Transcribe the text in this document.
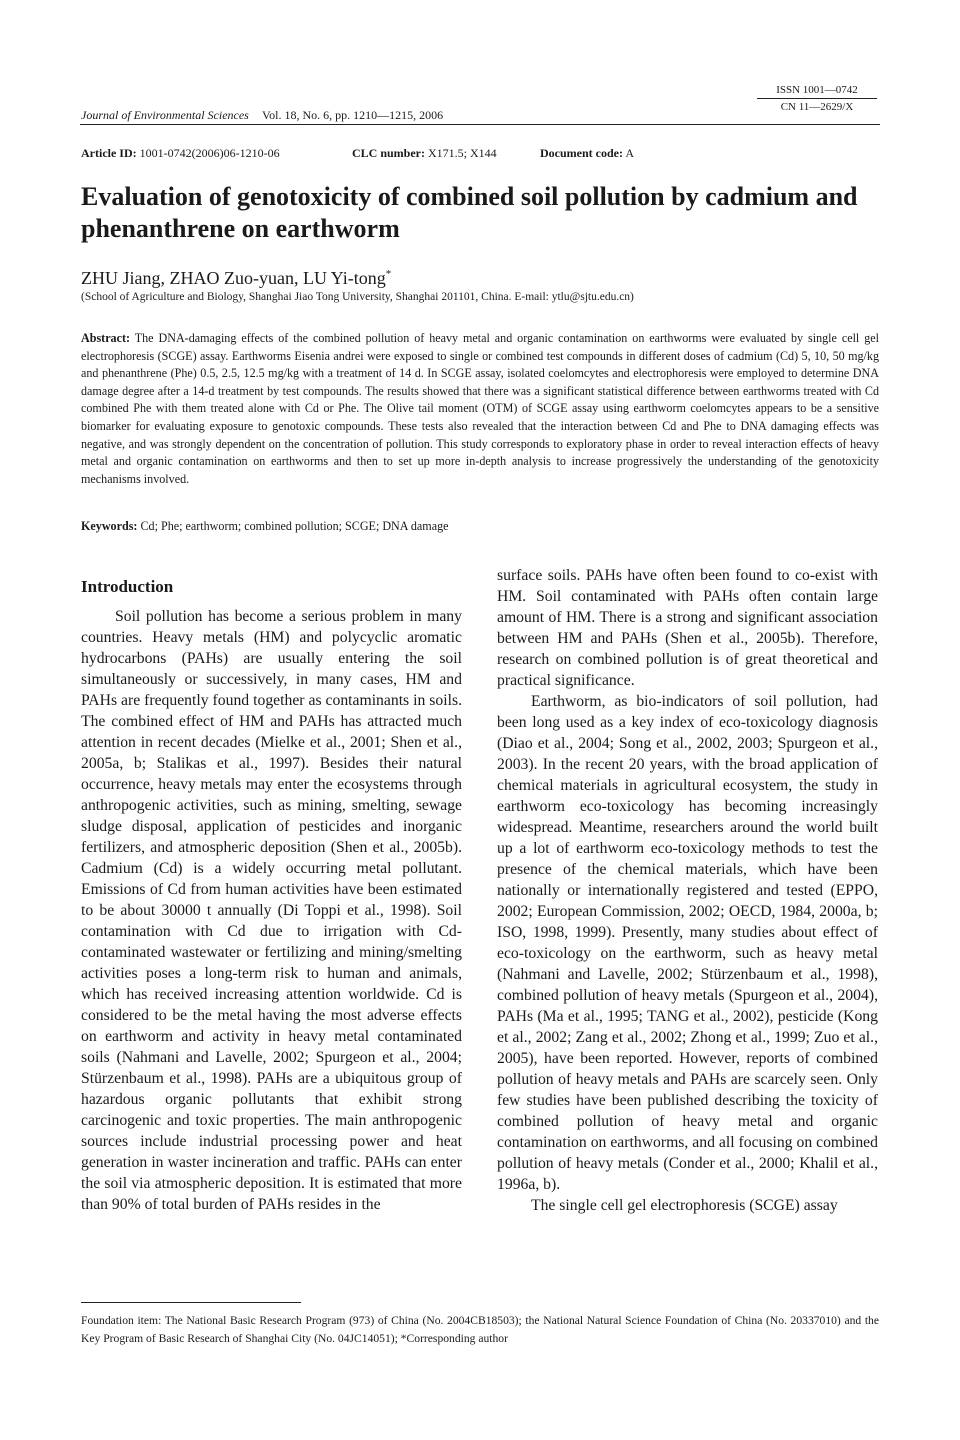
Journal of Environmental Sciences Vol. 18, No. 6, pp. 1210—1215, 2006
ISSN 1001—0742
CN 11—2629/X
Article ID: 1001-0742(2006)06-1210-06	CLC number: X171.5; X144	Document code: A
Evaluation of genotoxicity of combined soil pollution by cadmium and phenanthrene on earthworm
ZHU Jiang, ZHAO Zuo-yuan, LU Yi-tong*
(School of Agriculture and Biology, Shanghai Jiao Tong University, Shanghai 201101, China. E-mail: ytlu@sjtu.edu.cn)
Abstract: The DNA-damaging effects of the combined pollution of heavy metal and organic contamination on earthworms were evaluated by single cell gel electrophoresis (SCGE) assay. Earthworms Eisenia andrei were exposed to single or combined test compounds in different doses of cadmium (Cd) 5, 10, 50 mg/kg and phenanthrene (Phe) 0.5, 2.5, 12.5 mg/kg with a treatment of 14 d. In SCGE assay, isolated coelomcytes and electrophoresis were employed to determine DNA damage degree after a 14-d treatment by test compounds. The results showed that there was a significant statistical difference between earthworms treated with Cd combined Phe with them treated alone with Cd or Phe. The Olive tail moment (OTM) of SCGE assay using earthworm coelomcytes appears to be a sensitive biomarker for evaluating exposure to genotoxic compounds. These tests also revealed that the interaction between Cd and Phe to DNA damaging effects was negative, and was strongly dependent on the concentration of pollution. This study corresponds to exploratory phase in order to reveal interaction effects of heavy metal and organic contamination on earthworms and then to set up more in-depth analysis to increase progressively the understanding of the genotoxicity mechanisms involved.
Keywords: Cd; Phe; earthworm; combined pollution; SCGE; DNA damage

Introduction

Soil pollution has become a serious problem in many countries. Heavy metals (HM) and polycyclic aromatic hydrocarbons (PAHs) are usually entering the soil simultaneously or successively, in many cases, HM and PAHs are frequently found together as contaminants in soils. The combined effect of HM and PAHs has attracted much attention in recent decades (Mielke et al., 2001; Shen et al., 2005a, b; Stalikas et al., 1997). Besides their natural occurrence, heavy metals may enter the ecosystems through anthropogenic activities, such as mining, smelting, sewage sludge disposal, application of pesticides and inorganic fertilizers, and atmospheric deposition (Shen et al., 2005b). Cadmium (Cd) is a widely occurring metal pollutant. Emissions of Cd from human activities have been estimated to be about 30000 t annually (Di Toppi et al., 1998). Soil contamination with Cd due to irrigation with Cd-contaminated wastewater or fertilizing and mining/smelting activities poses a long-term risk to human and animals, which has received increasing attention worldwide. Cd is considered to be the metal having the most adverse effects on earthworm and activity in heavy metal contaminated soils (Nahmani and Lavelle, 2002; Spurgeon et al., 2004; Stürzenbaum et al., 1998). PAHs are a ubiquitous group of hazardous organic pollutants that exhibit strong carcinogenic and toxic properties. The main anthropogenic sources include industrial processing power and heat generation in waster incineration and traffic. PAHs can enter the soil via atmospheric deposition. It is estimated that more than 90% of total burden of PAHs resides in the

surface soils. PAHs have often been found to co-exist with HM. Soil contaminated with PAHs often contain large amount of HM. There is a strong and significant association between HM and PAHs (Shen et al., 2005b). Therefore, research on combined pollution is of great theoretical and practical significance.

Earthworm, as bio-indicators of soil pollution, had been long used as a key index of eco-toxicology diagnosis (Diao et al., 2004; Song et al., 2002, 2003; Spurgeon et al., 2003). In the recent 20 years, with the broad application of chemical materials in agricultural ecosystem, the study in earthworm eco-toxicology has becoming increasingly widespread. Meantime, researchers around the world built up a lot of earthworm eco-toxicology methods to test the presence of the chemical materials, which have been nationally or internationally registered and tested (EPPO, 2002; European Commission, 2002; OECD, 1984, 2000a, b; ISO, 1998, 1999). Presently, many studies about effect of eco-toxicology on the earthworm, such as heavy metal (Nahmani and Lavelle, 2002; Stürzenbaum et al., 1998), combined pollution of heavy metals (Spurgeon et al., 2004), PAHs (Ma et al., 1995; TANG et al., 2002), pesticide (Kong et al., 2002; Zang et al., 2002; Zhong et al., 1999; Zuo et al., 2005), have been reported. However, reports of combined pollution of heavy metals and PAHs are scarcely seen. Only few studies have been published describing the toxicity of combined pollution of heavy metal and organic contamination on earthworms, and all focusing on combined pollution of heavy metals (Conder et al., 2000; Khalil et al., 1996a, b).

The single cell gel electrophoresis (SCGE) assay

Foundation item: The National Basic Research Program (973) of China (No. 2004CB18503); the National Natural Science Foundation of China (No. 20337010) and the Key Program of Basic Research of Shanghai City (No. 04JC14051); *Corresponding author
